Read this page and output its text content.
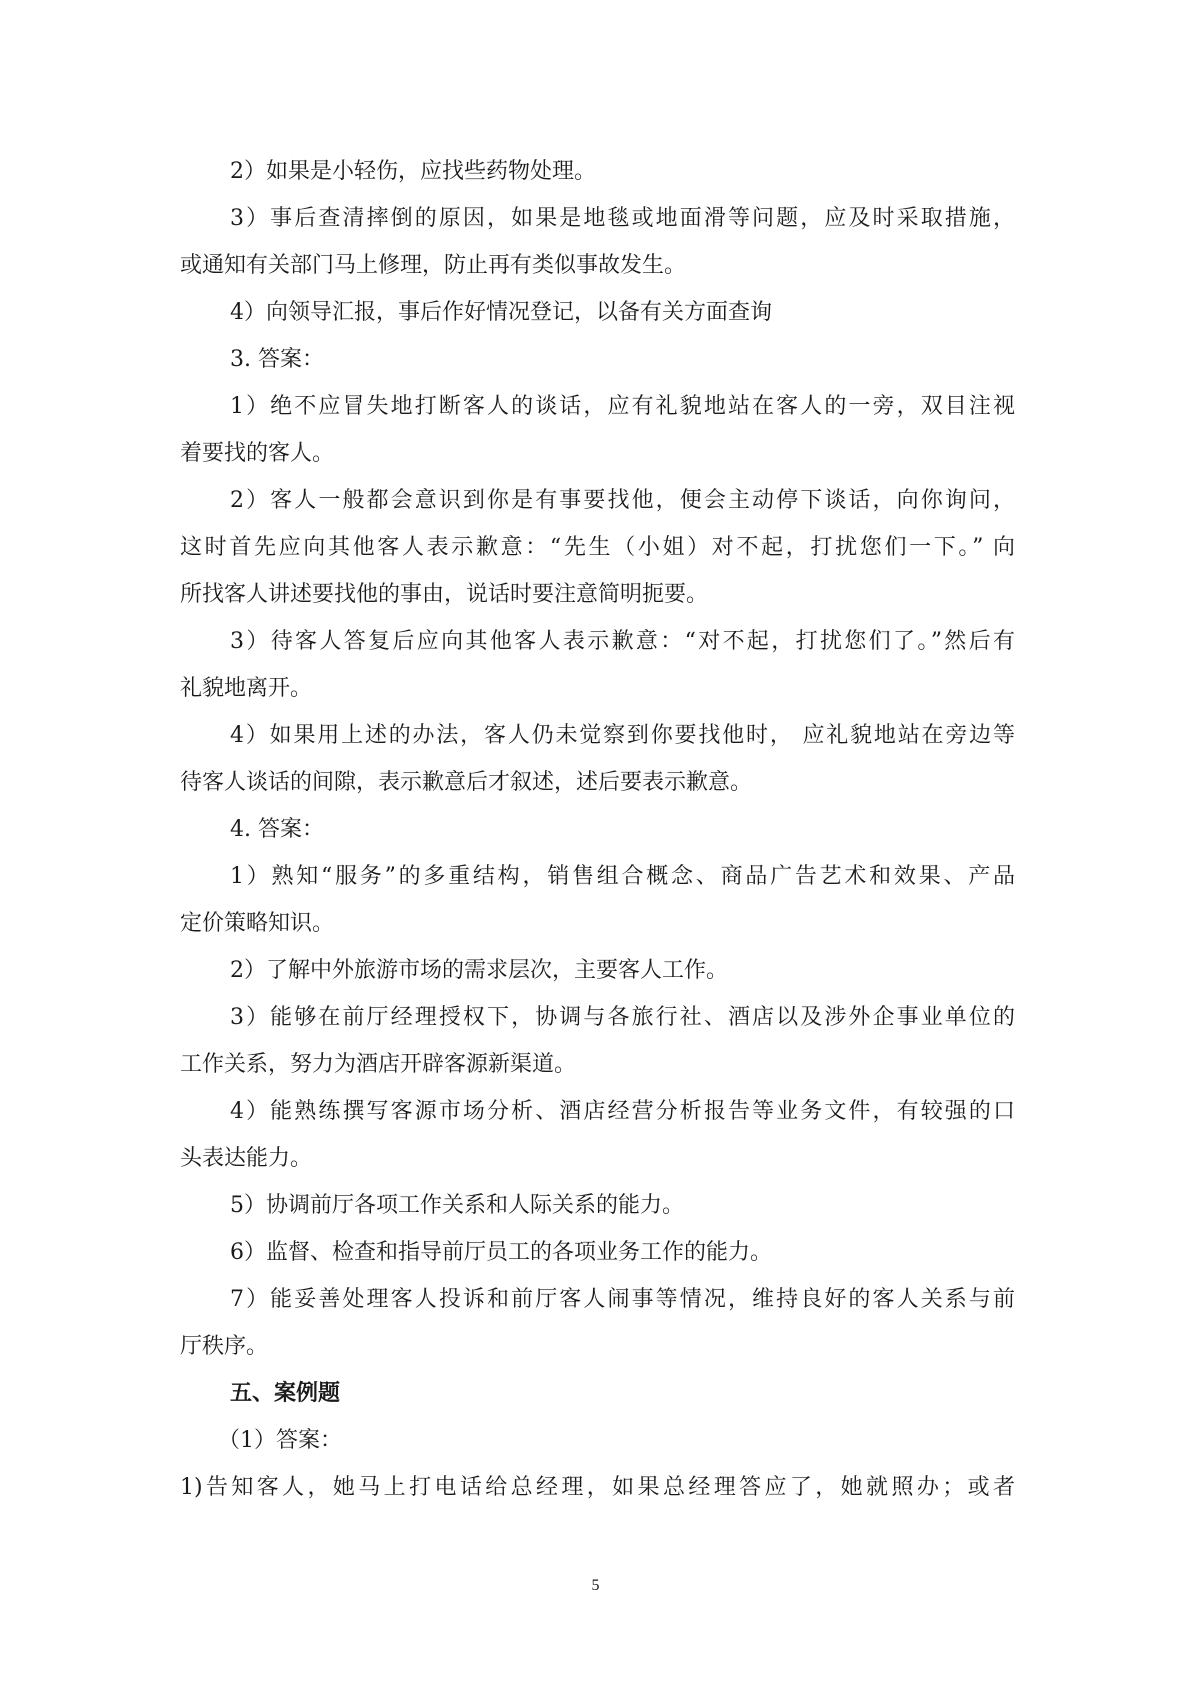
2）如果是小轻伤，应找些药物处理。
3）事后查清摔倒的原因，如果是地毯或地面滑等问题，应及时采取措施，
或通知有关部门马上修理，防止再有类似事故发生。
4）向领导汇报，事后作好情况登记，以备有关方面查询
3. 答案：
1）绝不应冒失地打断客人的谈话，应有礼貌地站在客人的一旁，双目注视
着要找的客人。
2）客人一般都会意识到你是有事要找他，便会主动停下谈话，向你询问，
这时首先应向其他客人表示歉意：“先生（小姐）对不起，打扰您们一下。” 向
所找客人讲述要找他的事由，说话时要注意简明扼要。
3）待客人答复后应向其他客人表示歉意：“对不起，打扰您们了。”然后有
礼貌地离开。
4）如果用上述的办法，客人仍未觉察到你要找他时， 应礼貌地站在旁边等
待客人谈话的间隙，表示歉意后才叙述，述后要表示歉意。
4. 答案：
1）熟知“服务”的多重结构，销售组合概念、商品广告艺术和效果、产品
定价策略知识。
2）了解中外旅游市场的需求层次，主要客人工作。
3）能够在前厅经理授权下，协调与各旅行社、酒店以及涉外企事业单位的
工作关系，努力为酒店开辟客源新渠道。
4）能熟练撰写客源市场分析、酒店经营分析报告等业务文件，有较强的口
头表达能力。
5）协调前厅各项工作关系和人际关系的能力。
6）监督、检查和指导前厅员工的各项业务工作的能力。
7）能妥善处理客人投诉和前厅客人闹事等情况，维持良好的客人关系与前
厅秩序。
五、案例题
（1）答案：
1)告知客人，她马上打电话给总经理，如果总经理答应了，她就照办；或者
5
